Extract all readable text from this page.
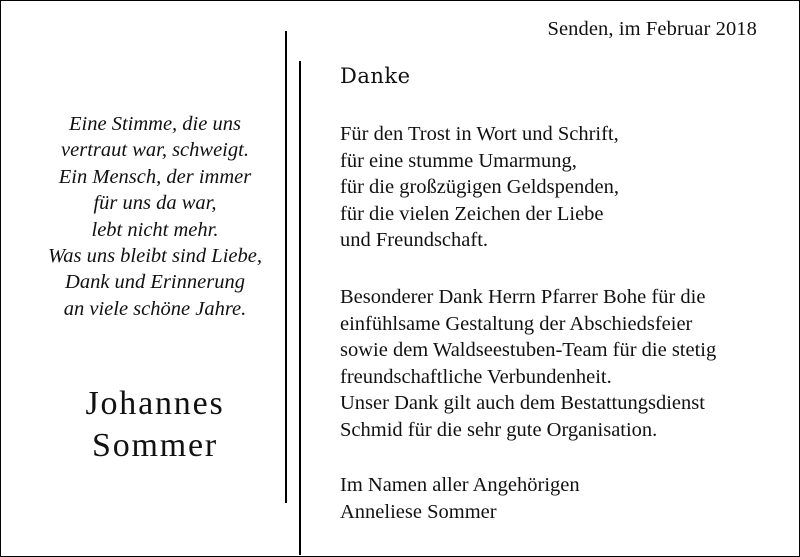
Senden, im Februar 2018
Eine Stimme, die uns
vertraut war, schweigt.
Ein Mensch, der immer
für uns da war,
lebt nicht mehr.
Was uns bleibt sind Liebe,
Dank und Erinnerung
an viele schöne Jahre.
Johannes
Sommer
Danke
Für den Trost in Wort und Schrift,
für eine stumme Umarmung,
für die großzügigen Geldspenden,
für die vielen Zeichen der Liebe
und Freundschaft.
Besonderer Dank Herrn Pfarrer Bohe für die
einfühlsame Gestaltung der Abschiedsfeier
sowie dem Waldseestuben-Team für die stetig
freundschaftliche Verbundenheit.
Unser Dank gilt auch dem Bestattungsdienst
Schmid für die sehr gute Organisation.
Im Namen aller Angehörigen
Anneliese Sommer
